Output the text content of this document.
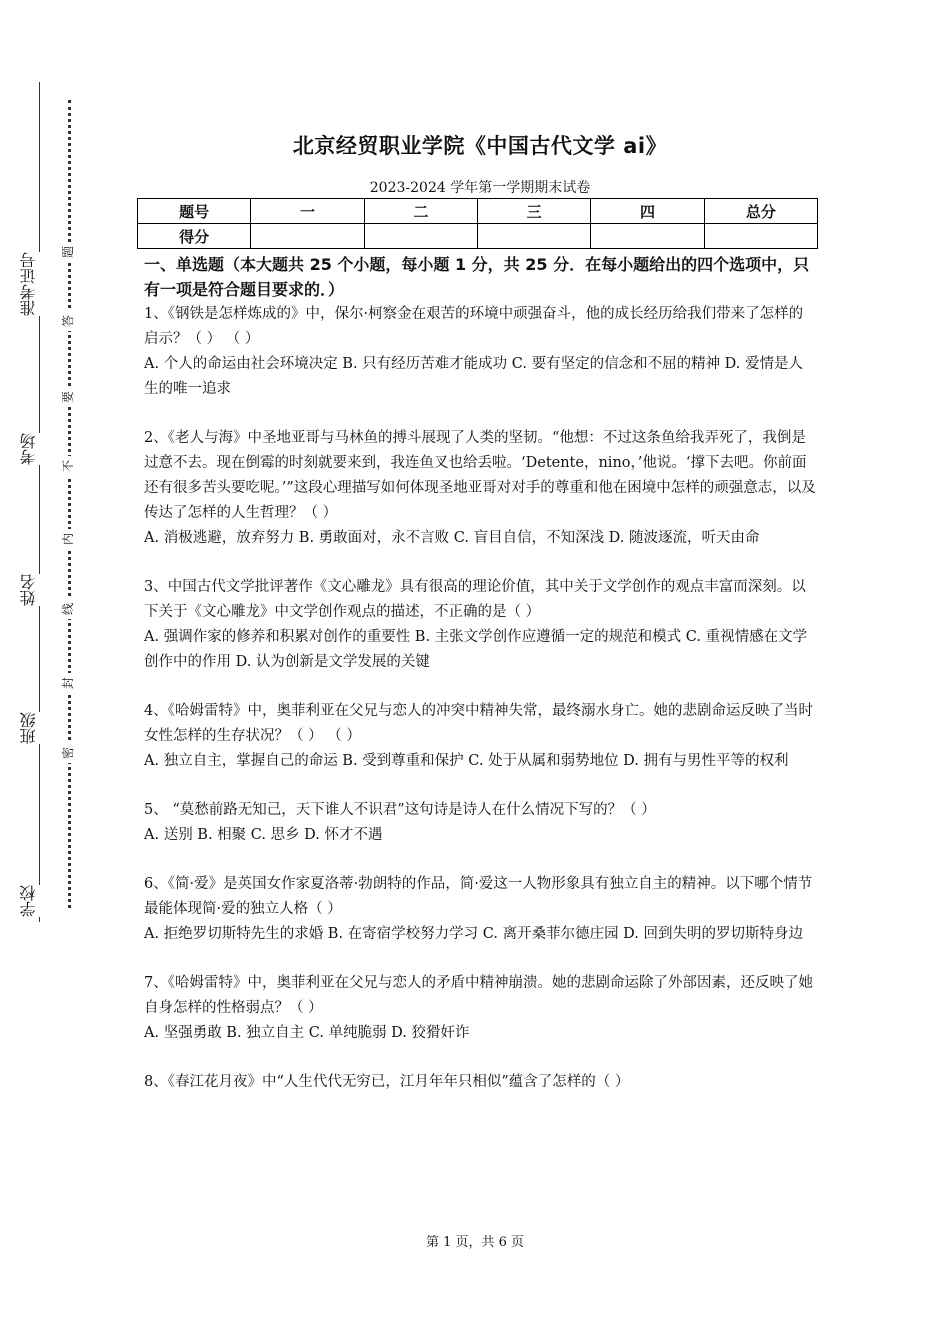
准考证号
考场
姓名
班级
学校
题
答
要
不
内
线
封
密
北京经贸职业学院《中国古代文学 ai》
2023-2024 学年第一学期期末试卷
题号	一	二	三	四	总分
得分					
一、单选题（本大题共 25 个小题，每小题 1 分，共 25 分．在每小题给出的四个选项中，只有一项是符合题目要求的．）
1、《钢铁是怎样炼成的》中，保尔·柯察金在艰苦的环境中顽强奋斗，他的成长经历给我们带来了怎样的启示？（ ） （ ）
A. 个人的命运由社会环境决定 B. 只有经历苦难才能成功 C. 要有坚定的信念和不屈的精神 D. 爱情是人生的唯一追求
2、《老人与海》中圣地亚哥与马林鱼的搏斗展现了人类的坚韧。“他想：不过这条鱼给我弄死了，我倒是过意不去。现在倒霉的时刻就要来到，我连鱼叉也给丢啦。‘Detente，nino，’他说。‘撑下去吧。你前面还有很多苦头要吃呢。’”这段心理描写如何体现圣地亚哥对对手的尊重和他在困境中怎样的顽强意志，以及传达了怎样的人生哲理？（ ）
A. 消极逃避，放弃努力 B. 勇敢面对，永不言败 C. 盲目自信，不知深浅 D. 随波逐流，听天由命
3、中国古代文学批评著作《文心雕龙》具有很高的理论价值，其中关于文学创作的观点丰富而深刻。以下关于《文心雕龙》中文学创作观点的描述，不正确的是（ ）
A. 强调作家的修养和积累对创作的重要性 B. 主张文学创作应遵循一定的规范和模式 C. 重视情感在文学创作中的作用 D. 认为创新是文学发展的关键
4、《哈姆雷特》中，奥菲利亚在父兄与恋人的冲突中精神失常，最终溺水身亡。她的悲剧命运反映了当时女性怎样的生存状况？（ ） （ ）
A. 独立自主，掌握自己的命运 B. 受到尊重和保护 C. 处于从属和弱势地位 D. 拥有与男性平等的权利
5、 “莫愁前路无知己，天下谁人不识君”这句诗是诗人在什么情况下写的？（ ）
A. 送别 B. 相聚 C. 思乡 D. 怀才不遇
6、《简·爱》是英国女作家夏洛蒂·勃朗特的作品，简·爱这一人物形象具有独立自主的精神。以下哪个情节最能体现简·爱的独立人格（ ）
A. 拒绝罗切斯特先生的求婚 B. 在寄宿学校努力学习 C. 离开桑菲尔德庄园 D. 回到失明的罗切斯特身边
7、《哈姆雷特》中，奥菲利亚在父兄与恋人的矛盾中精神崩溃。她的悲剧命运除了外部因素，还反映了她自身怎样的性格弱点？（ ）
A. 坚强勇敢 B. 独立自主 C. 单纯脆弱 D. 狡猾奸诈
8、《春江花月夜》中“人生代代无穷已，江月年年只相似”蕴含了怎样的（ ）
第 1 页，共 6 页
